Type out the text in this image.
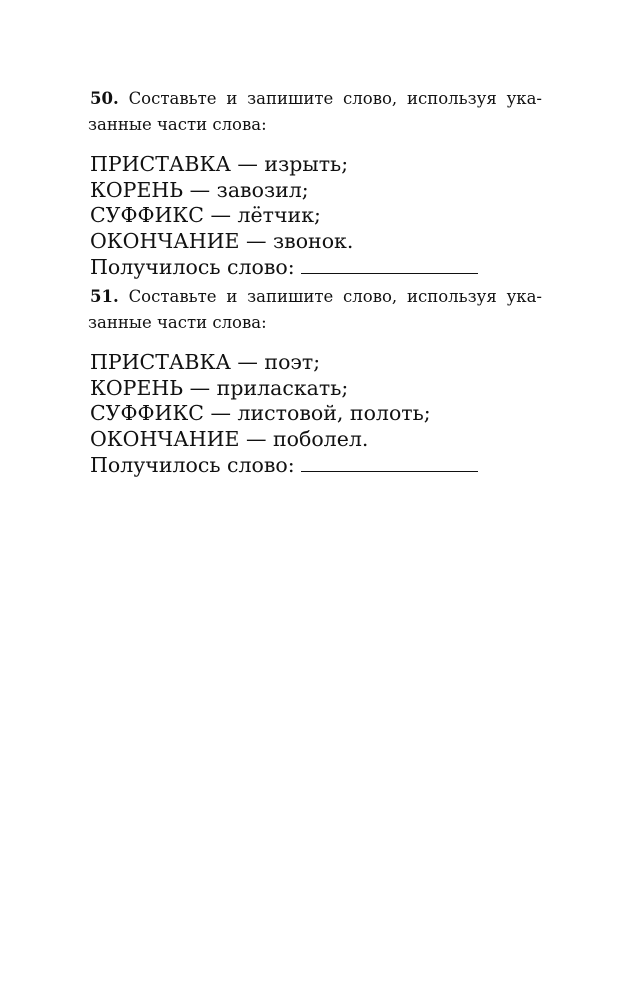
50. Составьте и запишите слово, используя ука-
занные части слова:

ПРИСТАВКА — изрыть;
КОРЕНЬ — завозил;
СУФФИКС — лётчик;
ОКОНЧАНИЕ — звонок.
Получилось слово:

51. Составьте и запишите слово, используя ука-
занные части слова:

ПРИСТАВКА — поэт;
КОРЕНЬ — приласкать;
СУФФИКС — листовой, полоть;
ОКОНЧАНИЕ — поболел.
Получилось слово:
